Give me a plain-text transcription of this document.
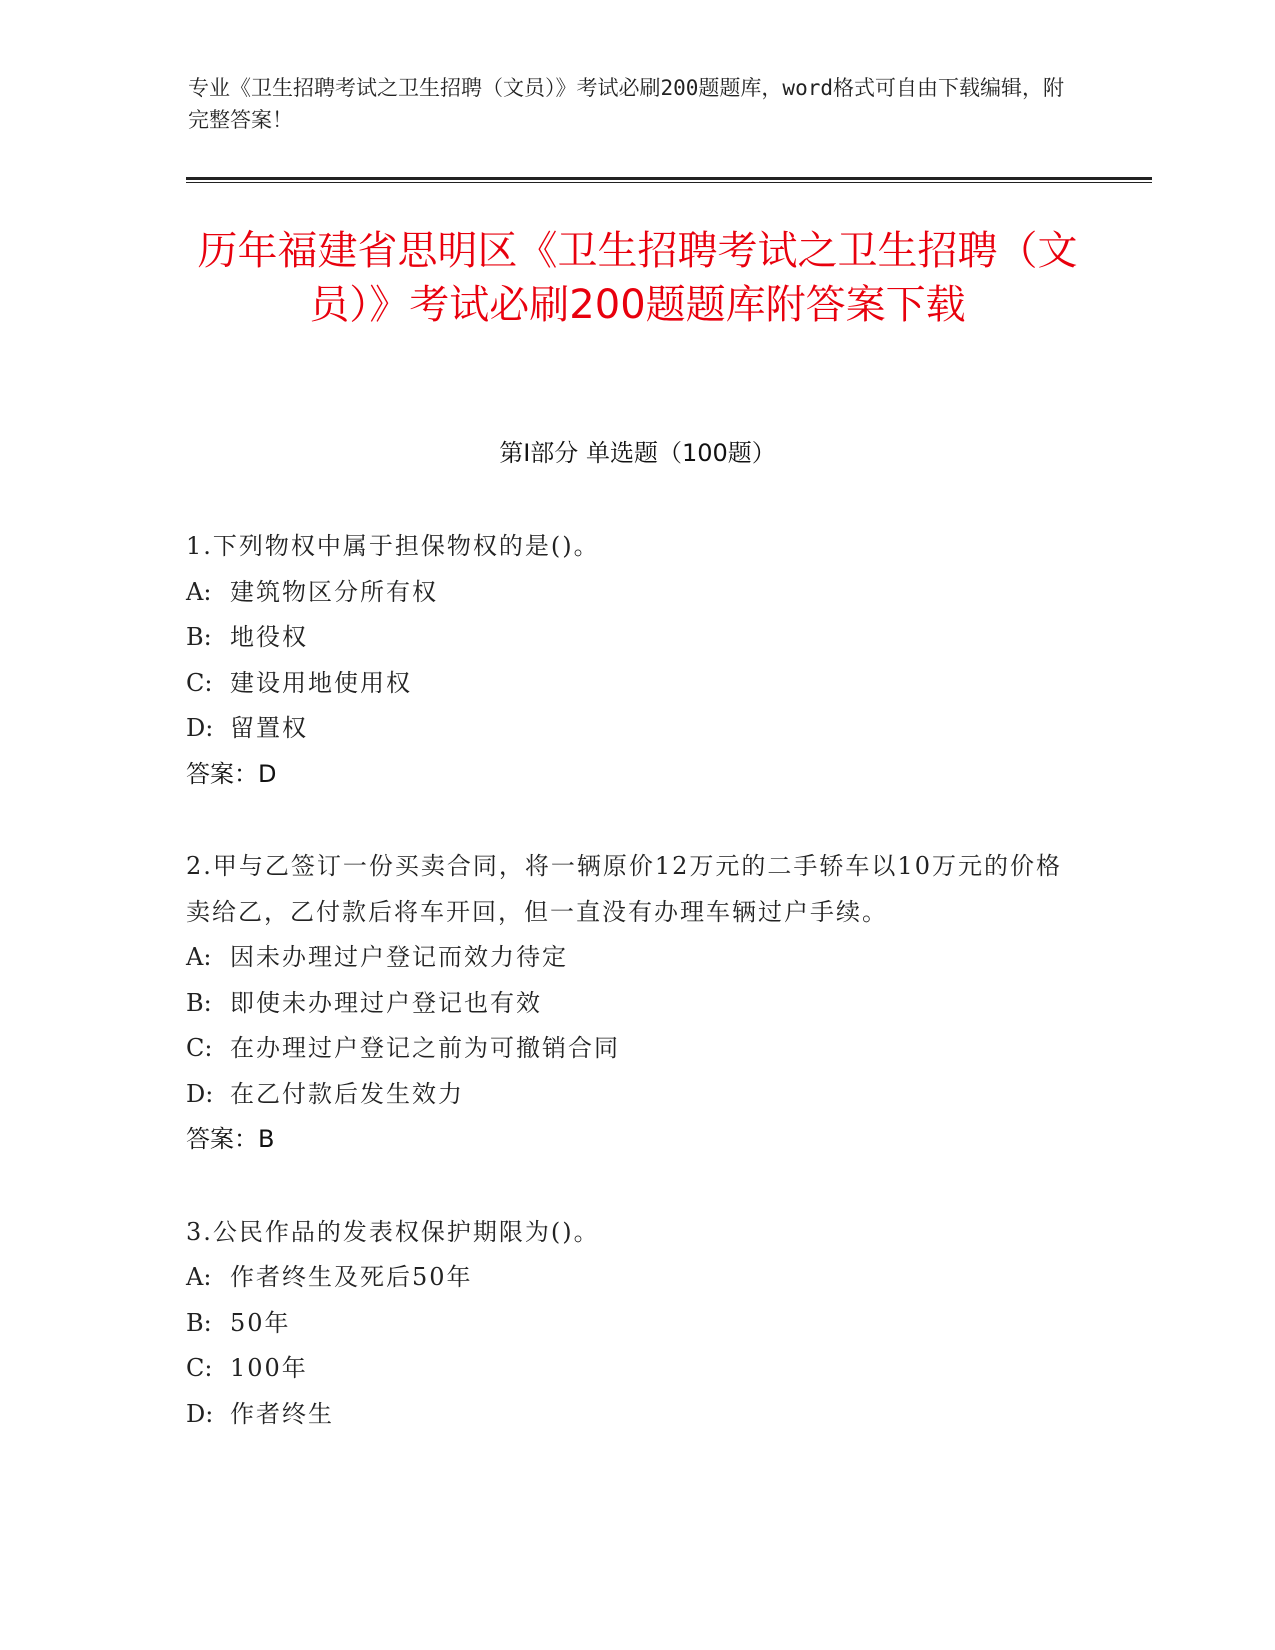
专业《卫生招聘考试之卫生招聘（文员）》考试必刷200题题库，word格式可自由下载编辑，附完整答案！
历年福建省思明区《卫生招聘考试之卫生招聘（文员）》考试必刷200题题库附答案下载
第I部分 单选题（100题）
1.下列物权中属于担保物权的是()。
A: 建筑物区分所有权
B: 地役权
C: 建设用地使用权
D: 留置权
答案：D
2.甲与乙签订一份买卖合同，将一辆原价12万元的二手轿车以10万元的价格卖给乙，乙付款后将车开回，但一直没有办理车辆过户手续。
A: 因未办理过户登记而效力待定
B: 即使未办理过户登记也有效
C: 在办理过户登记之前为可撤销合同
D: 在乙付款后发生效力
答案：B
3.公民作品的发表权保护期限为()。
A: 作者终生及死后50年
B: 50年
C: 100年
D: 作者终生
